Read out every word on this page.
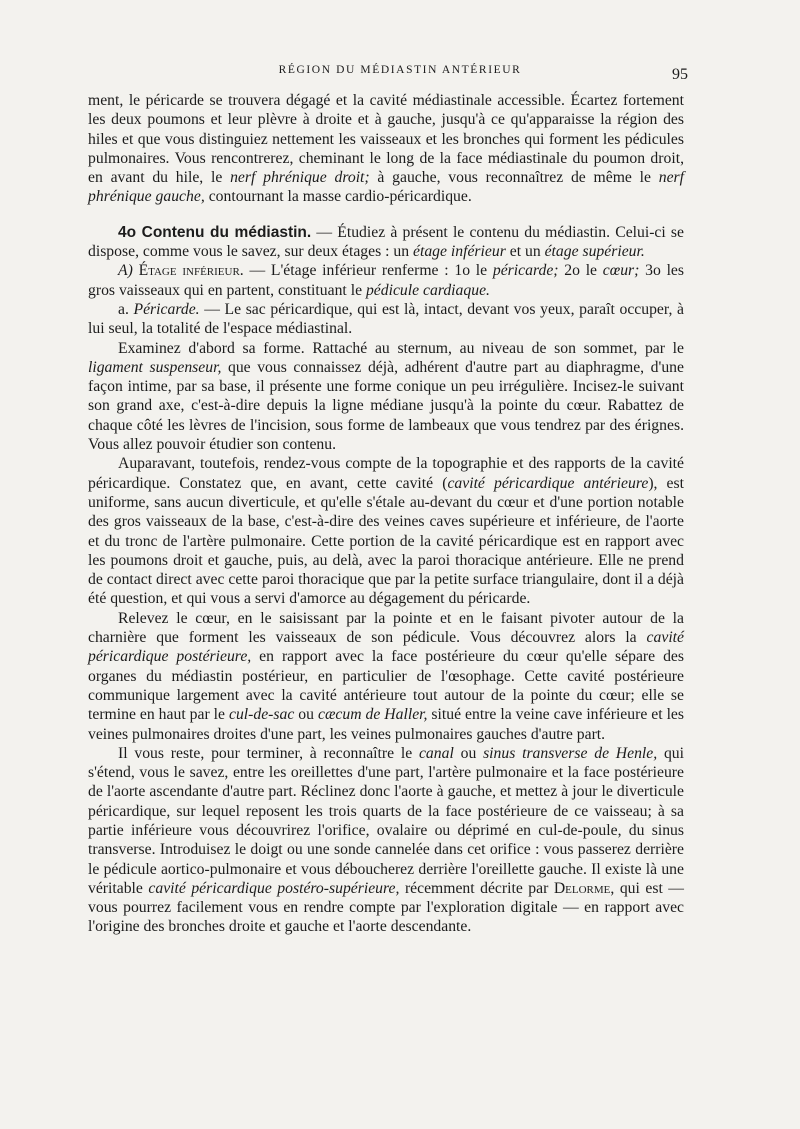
RÉGION DU MÉDIASTIN ANTÉRIEUR	95

ment, le péricarde se trouvera dégagé et la cavité médiastinale accessible. Écartez fortement les deux poumons et leur plèvre à droite et à gauche, jusqu'à ce qu'apparaisse la région des hiles et que vous distinguiez nettement les vaisseaux et les bronches qui forment les pédicules pulmonaires. Vous rencontrerez, cheminant le long de la face médiastinale du poumon droit, en avant du hile, le nerf phrénique droit; à gauche, vous reconnaîtrez de même le nerf phrénique gauche, contournant la masse cardio-péricardique.

4o Contenu du médiastin. — Étudiez à présent le contenu du médiastin. Celui-ci se dispose, comme vous le savez, sur deux étages : un étage inférieur et un étage supérieur.

A) Étage inférieur. — L'étage inférieur renferme : 1o le péricarde; 2o le cœur; 3o les gros vaisseaux qui en partent, constituant le pédicule cardiaque.

a. Péricarde. — Le sac péricardique, qui est là, intact, devant vos yeux, paraît occuper, à lui seul, la totalité de l'espace médiastinal.

Examinez d'abord sa forme. Rattaché au sternum, au niveau de son sommet, par le ligament suspenseur, que vous connaissez déjà, adhérent d'autre part au diaphragme, d'une façon intime, par sa base, il présente une forme conique un peu irrégulière. Incisez-le suivant son grand axe, c'est-à-dire depuis la ligne médiane jusqu'à la pointe du cœur. Rabattez de chaque côté les lèvres de l'incision, sous forme de lambeaux que vous tendrez par des érignes. Vous allez pouvoir étudier son contenu.

Auparavant, toutefois, rendez-vous compte de la topographie et des rapports de la cavité péricardique. Constatez que, en avant, cette cavité (cavité péricardique antérieure), est uniforme, sans aucun diverticule, et qu'elle s'étale au-devant du cœur et d'une portion notable des gros vaisseaux de la base, c'est-à-dire des veines caves supérieure et inférieure, de l'aorte et du tronc de l'artère pulmonaire. Cette portion de la cavité péricardique est en rapport avec les poumons droit et gauche, puis, au delà, avec la paroi thoracique antérieure. Elle ne prend de contact direct avec cette paroi thoracique que par la petite surface triangulaire, dont il a déjà été question, et qui vous a servi d'amorce au dégagement du péricarde.

Relevez le cœur, en le saisissant par la pointe et en le faisant pivoter autour de la charnière que forment les vaisseaux de son pédicule. Vous découvrez alors la cavité péricardique postérieure, en rapport avec la face postérieure du cœur qu'elle sépare des organes du médiastin postérieur, en particulier de l'œsophage. Cette cavité postérieure communique largement avec la cavité antérieure tout autour de la pointe du cœur; elle se termine en haut par le cul-de-sac ou cæcum de Haller, situé entre la veine cave inférieure et les veines pulmonaires droites d'une part, les veines pulmonaires gauches d'autre part.

Il vous reste, pour terminer, à reconnaître le canal ou sinus transverse de Henle, qui s'étend, vous le savez, entre les oreillettes d'une part, l'artère pulmonaire et la face postérieure de l'aorte ascendante d'autre part. Réclinez donc l'aorte à gauche, et mettez à jour le diverticule péricardique, sur lequel reposent les trois quarts de la face postérieure de ce vaisseau; à sa partie inférieure vous découvrirez l'orifice, ovalaire ou déprimé en cul-de-poule, du sinus transverse. Introduisez le doigt ou une sonde cannelée dans cet orifice : vous passerez derrière le pédicule aortico-pulmonaire et vous déboucherez derrière l'oreillette gauche. Il existe là une véritable cavité péricardique postéro-supérieure, récemment décrite par Delorme, qui est — vous pourrez facilement vous en rendre compte par l'exploration digitale — en rapport avec l'origine des bronches droite et gauche et l'aorte descendante.
